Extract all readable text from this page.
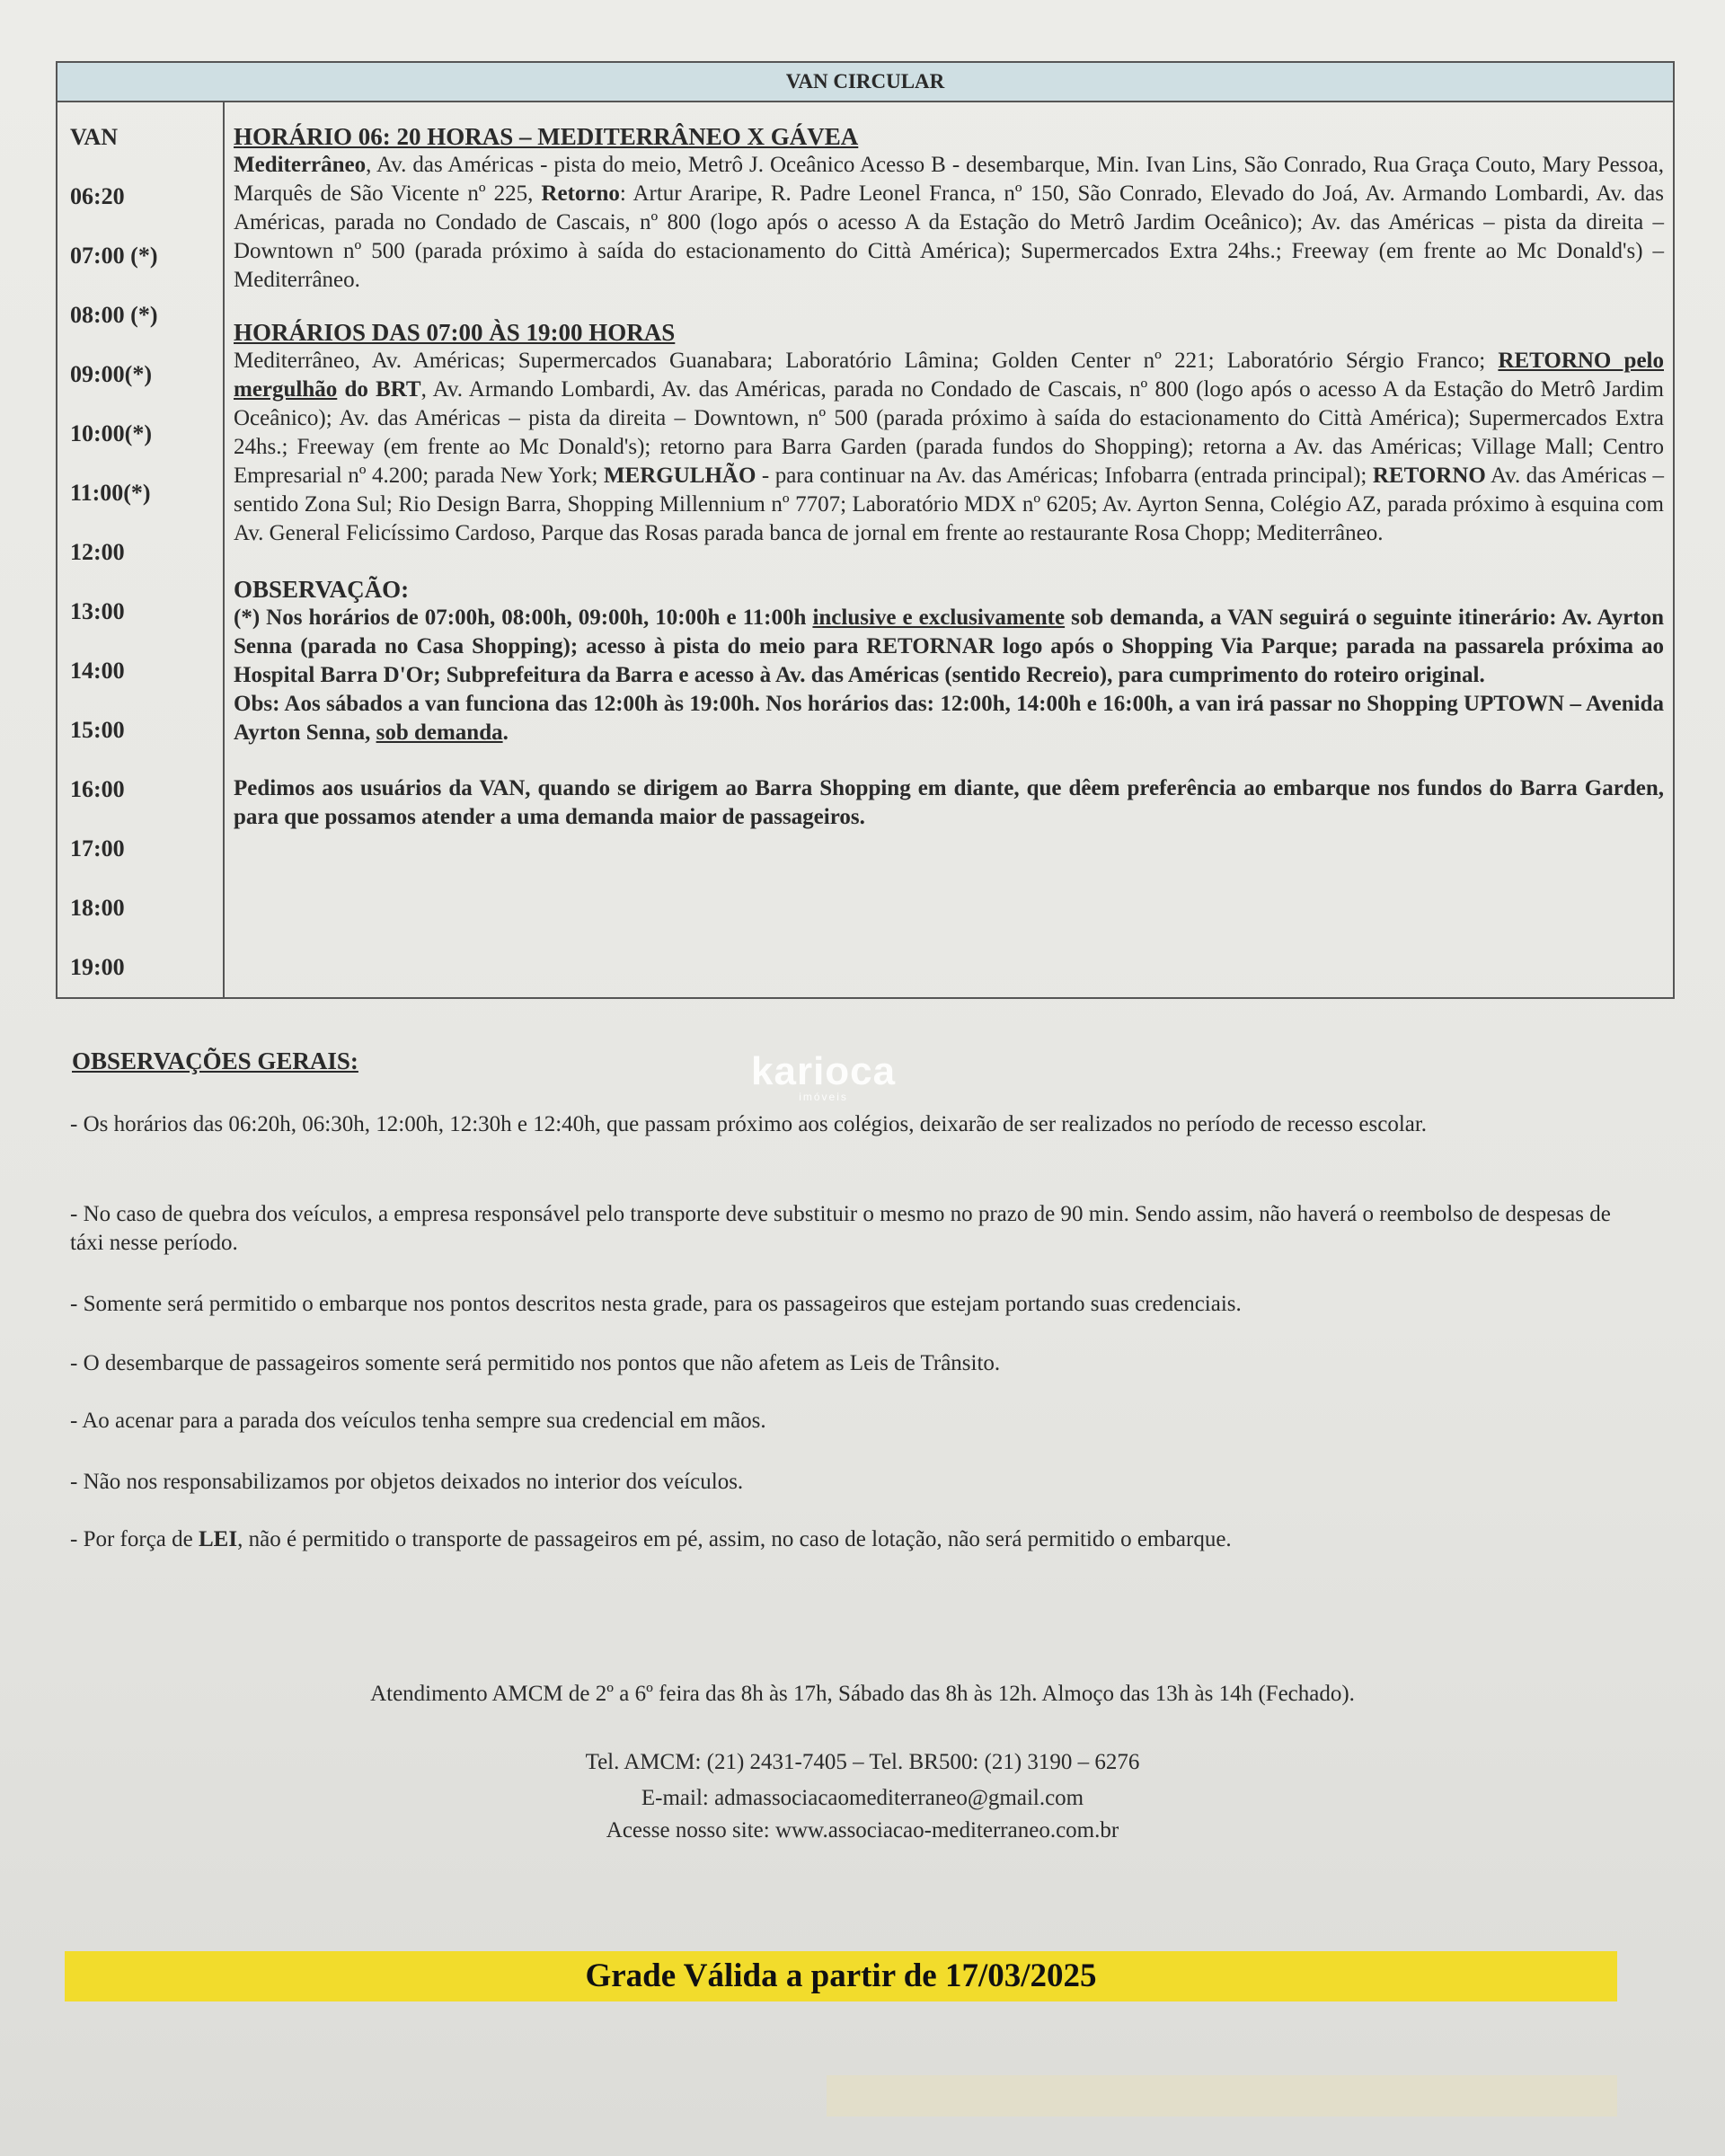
VAN CIRCULAR
VAN
06:20
07:00 (*)
08:00 (*)
09:00(*)
10:00(*)
11:00(*)
12:00
13:00
14:00
15:00
16:00
17:00
18:00
19:00
HORÁRIO 06: 20 HORAS – MEDITERRÂNEO X GÁVEA

Mediterrâneo, Av. das Américas - pista do meio, Metrô J. Oceânico Acesso B - desembarque, Min. Ivan Lins, São Conrado, Rua Graça Couto, Mary Pessoa, Marquês de São Vicente nº 225, Retorno: Artur Araripe, R. Padre Leonel Franca, nº 150, São Conrado, Elevado do Joá, Av. Armando Lombardi, Av. das Américas, parada no Condado de Cascais, nº 800 (logo após o acesso A da Estação do Metrô Jardim Oceânico); Av. das Américas – pista da direita – Downtown nº 500 (parada próximo à saída do estacionamento do Città América); Supermercados Extra 24hs.; Freeway (em frente ao Mc Donald's) – Mediterrâneo.

HORÁRIOS DAS 07:00 ÀS 19:00 HORAS

Mediterrâneo, Av. Américas; Supermercados Guanabara; Laboratório Lâmina; Golden Center nº 221; Laboratório Sérgio Franco; RETORNO pelo mergulhão do BRT, Av. Armando Lombardi, Av. das Américas, parada no Condado de Cascais, nº 800 (logo após o acesso A da Estação do Metrô Jardim Oceânico); Av. das Américas – pista da direita – Downtown, nº 500 (parada próximo à saída do estacionamento do Città América); Supermercados Extra 24hs.; Freeway (em frente ao Mc Donald's); retorno para Barra Garden (parada fundos do Shopping); retorna a Av. das Américas; Village Mall; Centro Empresarial nº 4.200; parada New York; MERGULHÃO - para continuar na Av. das Américas; Infobarra (entrada principal); RETORNO Av. das Américas – sentido Zona Sul; Rio Design Barra, Shopping Millennium nº 7707; Laboratório MDX nº 6205; Av. Ayrton Senna, Colégio AZ, parada próximo à esquina com Av. General Felicíssimo Cardoso, Parque das Rosas parada banca de jornal em frente ao restaurante Rosa Chopp; Mediterrâneo.

OBSERVAÇÃO:

(*) Nos horários de 07:00h, 08:00h, 09:00h, 10:00h e 11:00h inclusive e exclusivamente sob demanda, a VAN seguirá o seguinte itinerário: Av. Ayrton Senna (parada no Casa Shopping); acesso à pista do meio para RETORNAR logo após o Shopping Via Parque; parada na passarela próxima ao Hospital Barra D'Or; Subprefeitura da Barra e acesso à Av. das Américas (sentido Recreio), para cumprimento do roteiro original.

Obs: Aos sábados a van funciona das 12:00h às 19:00h. Nos horários das: 12:00h, 14:00h e 16:00h, a van irá passar no Shopping UPTOWN – Avenida Ayrton Senna, sob demanda.

Pedimos aos usuários da VAN, quando se dirigem ao Barra Shopping em diante, que dêem preferência ao embarque nos fundos do Barra Garden, para que possamos atender a uma demanda maior de passageiros.

OBSERVAÇÕES GERAIS:	karioca
imóveis
- Os horários das 06:20h, 06:30h, 12:00h, 12:30h e 12:40h, que passam próximo aos colégios, deixarão de ser realizados no período de recesso escolar.
- No caso de quebra dos veículos, a empresa responsável pelo transporte deve substituir o mesmo no prazo de 90 min. Sendo assim, não haverá o reembolso de despesas de táxi nesse período.
- Somente será permitido o embarque nos pontos descritos nesta grade, para os passageiros que estejam portando suas credenciais.
- O desembarque de passageiros somente será permitido nos pontos que não afetem as Leis de Trânsito.
- Ao acenar para a parada dos veículos tenha sempre sua credencial em mãos.
- Não nos responsabilizamos por objetos deixados no interior dos veículos.
- Por força de LEI, não é permitido o transporte de passageiros em pé, assim, no caso de lotação, não será permitido o embarque.
Atendimento AMCM de 2º a 6º feira das 8h às 17h, Sábado das 8h às 12h. Almoço das 13h às 14h (Fechado).
Tel. AMCM: (21) 2431-7405 – Tel. BR500: (21) 3190 – 6276
E-mail: admassociacaomediterraneo@gmail.com
Acesse nosso site: www.associacao-mediterraneo.com.br
Grade Válida a partir de 17/03/2025
